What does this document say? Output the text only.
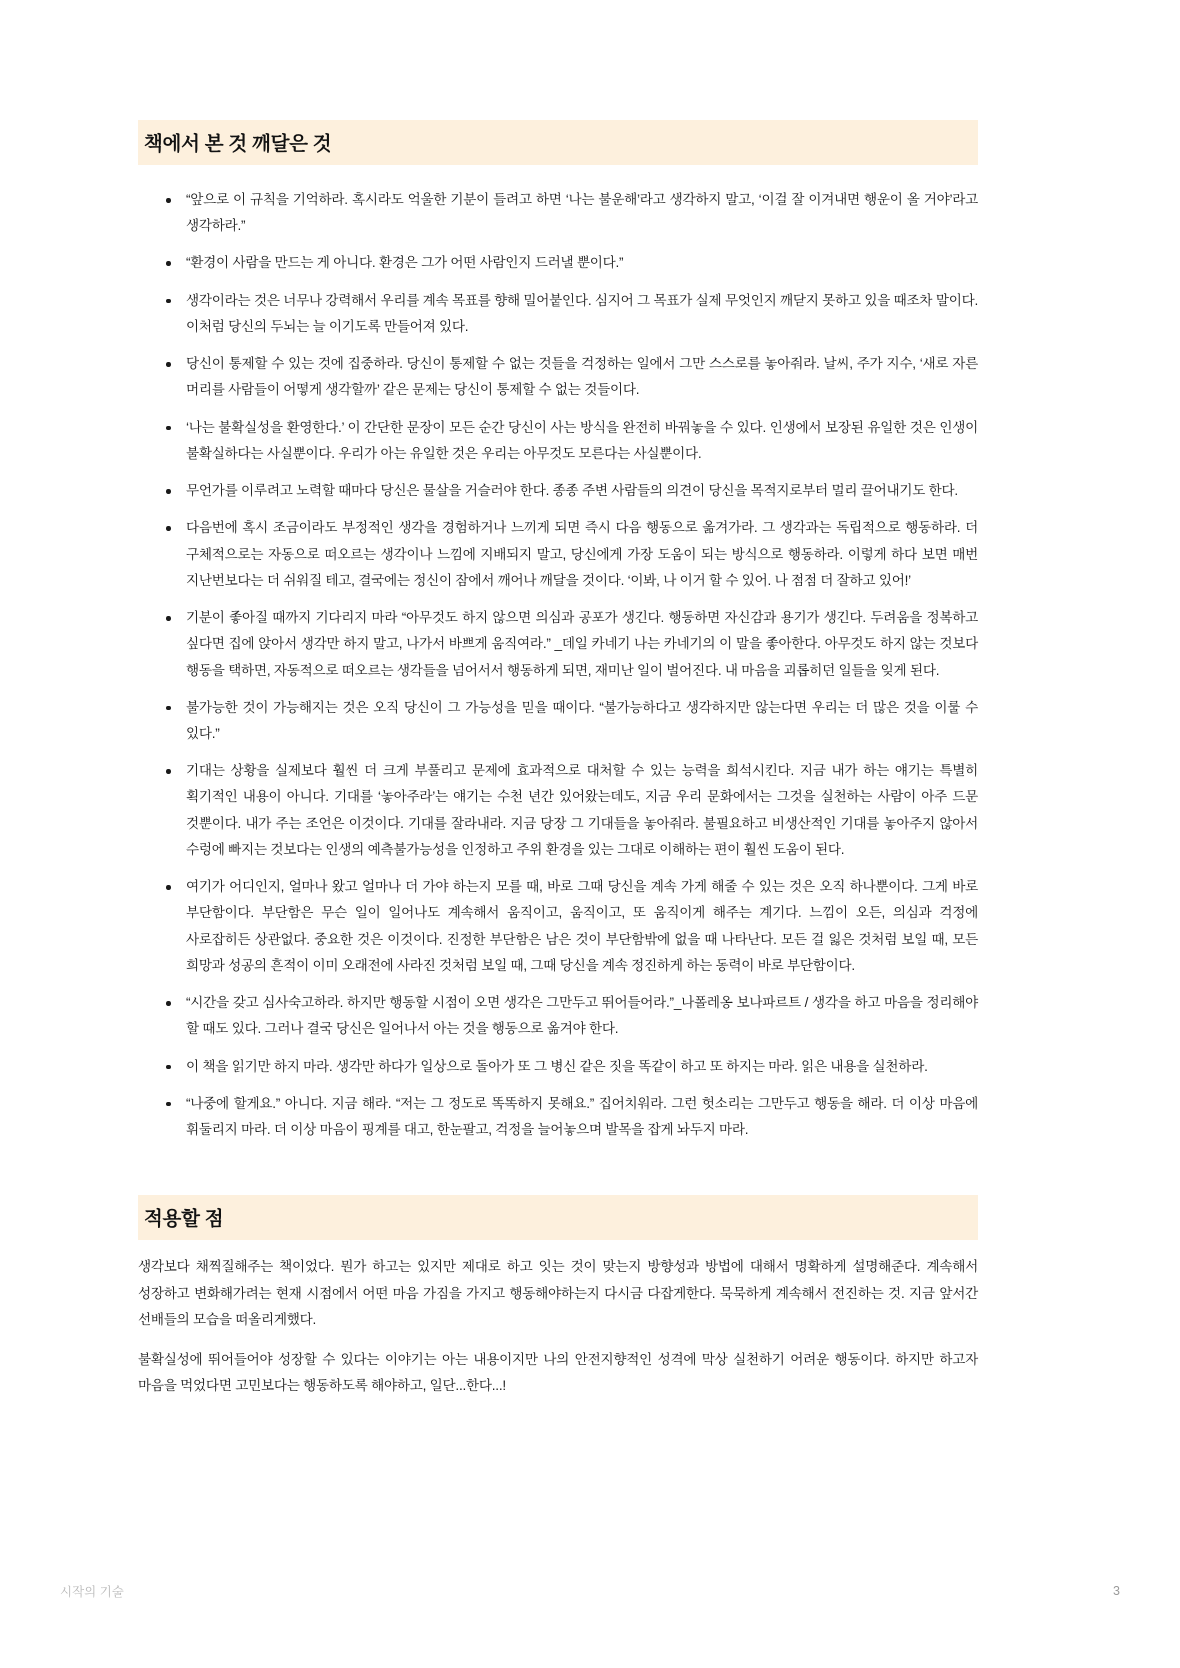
책에서 본 것 깨달은 것
“앞으로 이 규칙을 기억하라. 혹시라도 억울한 기분이 들려고 하면 ‘나는 불운해’라고 생각하지 말고, ‘이걸 잘 이겨내면 행운이 올 거야’라고 생각하라.”
“환경이 사람을 만드는 게 아니다. 환경은 그가 어떤 사람인지 드러낼 뿐이다.”
생각이라는 것은 너무나 강력해서 우리를 계속 목표를 향해 밀어붙인다. 심지어 그 목표가 실제 무엇인지 깨닫지 못하고 있을 때조차 말이다. 이처럼 당신의 두뇌는 늘 이기도록 만들어져 있다.
당신이 통제할 수 있는 것에 집중하라. 당신이 통제할 수 없는 것들을 걱정하는 일에서 그만 스스로를 놓아줘라. 날씨, 주가 지수, ‘새로 자른 머리를 사람들이 어떻게 생각할까’ 같은 문제는 당신이 통제할 수 없는 것들이다.
‘나는 불확실성을 환영한다.’ 이 간단한 문장이 모든 순간 당신이 사는 방식을 완전히 바꿔놓을 수 있다. 인생에서 보장된 유일한 것은 인생이 불확실하다는 사실뿐이다. 우리가 아는 유일한 것은 우리는 아무것도 모른다는 사실뿐이다.
무언가를 이루려고 노력할 때마다 당신은 물살을 거슬러야 한다. 종종 주변 사람들의 의견이 당신을 목적지로부터 멀리 끌어내기도 한다.
다음번에 혹시 조금이라도 부정적인 생각을 경험하거나 느끼게 되면 즉시 다음 행동으로 옮겨가라. 그 생각과는 독립적으로 행동하라. 더 구체적으로는 자동으로 떠오르는 생각이나 느낌에 지배되지 말고, 당신에게 가장 도움이 되는 방식으로 행동하라. 이렇게 하다 보면 매번 지난번보다는 더 쉬워질 테고, 결국에는 정신이 잠에서 깨어나 깨달을 것이다. ‘이봐, 나 이거 할 수 있어. 나 점점 더 잘하고 있어!’
기분이 좋아질 때까지 기다리지 마라 “아무것도 하지 않으면 의심과 공포가 생긴다. 행동하면 자신감과 용기가 생긴다. 두려움을 정복하고 싶다면 집에 앉아서 생각만 하지 말고, 나가서 바쁘게 움직여라.” _데일 카네기 나는 카네기의 이 말을 좋아한다. 아무것도 하지 않는 것보다 행동을 택하면, 자동적으로 떠오르는 생각들을 넘어서서 행동하게 되면, 재미난 일이 벌어진다. 내 마음을 괴롭히던 일들을 잊게 된다.
불가능한 것이 가능해지는 것은 오직 당신이 그 가능성을 믿을 때이다. “불가능하다고 생각하지만 않는다면 우리는 더 많은 것을 이룰 수 있다.”
기대는 상황을 실제보다 훨씬 더 크게 부풀리고 문제에 효과적으로 대처할 수 있는 능력을 희석시킨다. 지금 내가 하는 얘기는 특별히 획기적인 내용이 아니다. 기대를 ‘놓아주라’는 얘기는 수천 년간 있어왔는데도, 지금 우리 문화에서는 그것을 실천하는 사람이 아주 드문 것뿐이다. 내가 주는 조언은 이것이다. 기대를 잘라내라. 지금 당장 그 기대들을 놓아줘라. 불필요하고 비생산적인 기대를 놓아주지 않아서 수렁에 빠지는 것보다는 인생의 예측불가능성을 인정하고 주위 환경을 있는 그대로 이해하는 편이 훨씬 도움이 된다.
여기가 어디인지, 얼마나 왔고 얼마나 더 가야 하는지 모를 때, 바로 그때 당신을 계속 가게 해줄 수 있는 것은 오직 하나뿐이다. 그게 바로 부단함이다. 부단함은 무슨 일이 일어나도 계속해서 움직이고, 움직이고, 또 움직이게 해주는 계기다. 느낌이 오든, 의심과 걱정에 사로잡히든 상관없다. 중요한 것은 이것이다. 진정한 부단함은 남은 것이 부단함밖에 없을 때 나타난다. 모든 걸 잃은 것처럼 보일 때, 모든 희망과 성공의 흔적이 이미 오래전에 사라진 것처럼 보일 때, 그때 당신을 계속 정진하게 하는 동력이 바로 부단함이다.
“시간을 갖고 심사숙고하라. 하지만 행동할 시점이 오면 생각은 그만두고 뛰어들어라.”_나폴레옹 보나파르트 / 생각을 하고 마음을 정리해야 할 때도 있다. 그러나 결국 당신은 일어나서 아는 것을 행동으로 옮겨야 한다.
이 책을 읽기만 하지 마라. 생각만 하다가 일상으로 돌아가 또 그 병신 같은 짓을 똑같이 하고 또 하지는 마라. 읽은 내용을 실천하라.
“나중에 할게요.” 아니다. 지금 해라. “저는 그 정도로 똑똑하지 못해요.” 집어치워라. 그런 헛소리는 그만두고 행동을 해라. 더 이상 마음에 휘둘리지 마라. 더 이상 마음이 핑계를 대고, 한눈팔고, 걱정을 늘어놓으며 발목을 잡게 놔두지 마라.
적용할 점

생각보다 채찍질해주는 책이었다. 뭔가 하고는 있지만 제대로 하고 잇는 것이 맞는지 방향성과 방법에 대해서 명확하게 설명해준다. 계속해서 성장하고 변화해가려는 현재 시점에서 어떤 마음 가짐을 가지고 행동해야하는지 다시금 다잡게한다. 묵묵하게 계속해서 전진하는 것. 지금 앞서간 선배들의 모습을 떠올리게했다.

불확실성에 뛰어들어야 성장할 수 있다는 이야기는 아는 내용이지만 나의 안전지향적인 성격에 막상 실천하기 어려운 행동이다. 하지만 하고자 마음을 먹었다면 고민보다는 행동하도록 해야하고, 일단...한다...!

시작의 기술	3
